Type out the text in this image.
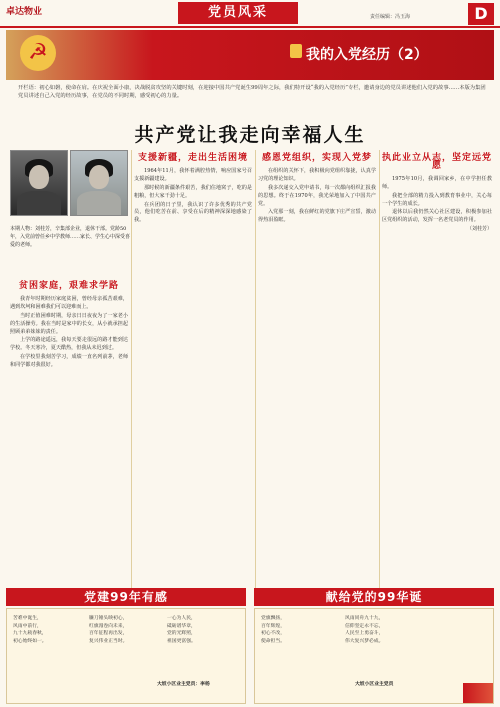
卓达物业	党员风采	责任编辑：冯玉海	D
☭	我的入党经历（2）
开栏语：初心如磐，使命在肩。在庆祝全面小康，决战脱贫攻坚的关键时刻，在迎接中国共产党诞生99周年之际，我们特开设“我的入党经历”专栏，邀请身边的党员讲述他们入党的故事……本版为集团党员讲述自己入党的经历故事，在党员的不同时期，感受初心的力量。
共产党让我走向幸福人生
本期人物：刘桂芳，辛集部企业，退休干部。党龄50年，入党前曾任乡中学教师……家长、学生心中深受喜爱的老师。
贫困家庭，艰难求学路

我青年时期经历家庭贫困，曾经母亲孤苦艰难，遇到坎坷和困难我们可以迎难而上。

当时正值困难时期，母亲日日夜夜为了一家老小的生活操劳。我在当时是家中的长女，从小就承担起照顾弟弟妹妹的责任。

上学的路途遥远，我每天要走很远的路才能到达学校。冬天寒冷，夏天酷热，但我从未迟到过。

在学校里我刻苦学习，成绩一直名列前茅，老师和同学都对我很好。

支援新疆，走出生活困境

1964年11月，我怀着满腔热情，响应国家号召支援新疆建设。

那时候的新疆条件艰苦，我们住地窝子，吃的是粗粮，但大家干劲十足。

在兵团的日子里，我认识了许多优秀的共产党员，他们吃苦在前、享受在后的精神深深地感染了我。

感恩党组织，实现入党梦

在组织的关怀下，我积极向党组织靠拢，认真学习党的理论知识。

我多次递交入党申请书，每一次都向组织汇报我的思想。终于在1970年，我光荣地加入了中国共产党。

入党那一刻，我在鲜红的党旗下庄严宣誓，激动得热泪盈眶。

执此业立从志，坚定远党愿

1975年10月，我调回家乡，在中学担任教师。

我把全部的精力投入到教育事业中，关心每一个学生的成长。

退休以后我仍然关心社区建设，积极参加社区党组织的活动，发挥一名老党员的作用。

（刘桂芳）

党建99年有感	献给党的99华诞
苦难中诞生，
风雨中前行，
九十九载春秋，
初心始终如一。
镰刀锤头映初心，
红旗漫卷向未来，
百年征程再出发，
复兴伟业正当时。
一心为人民，
砥砺谱华章，
党的光辉照，
祖国更富强。
大坂小区业主党员：李杨
党旗飘扬，
百年辉煌，
初心不改，
使命担当。
风雨同舟九十九，
信仰坚定永不忘，
人民至上勇奋斗，
伟大复兴梦必成。
大坂小区业主党员
